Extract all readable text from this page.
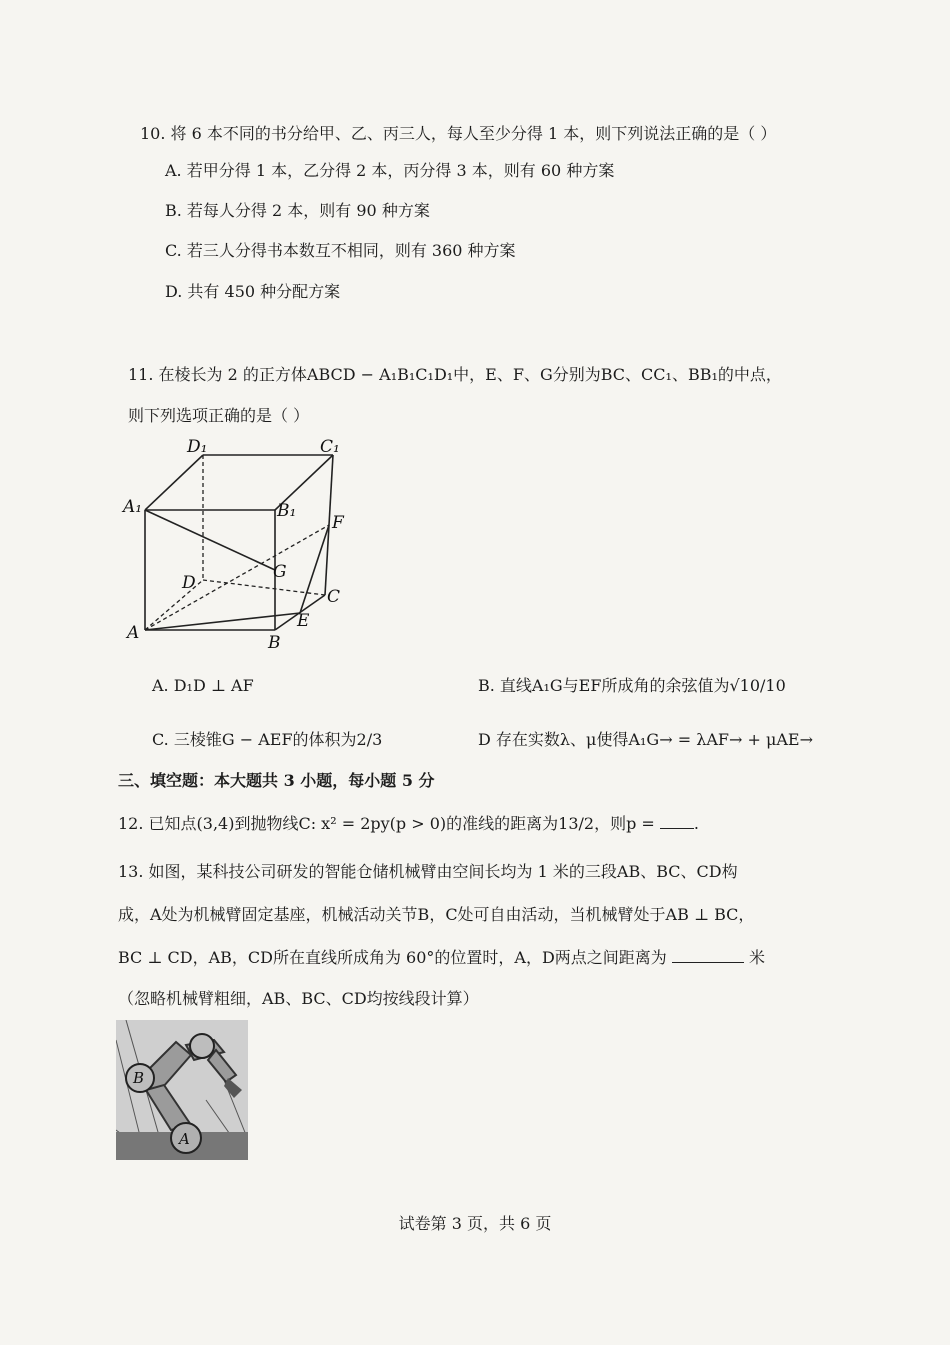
10. 将 6 本不同的书分给甲、乙、丙三人，每人至少分得 1 本，则下列说法正确的是（ ）
A. 若甲分得 1 本，乙分得 2 本，丙分得 3 本，则有 60 种方案
B. 若每人分得 2 本，则有 90 种方案
C. 若三人分得书本数互不相同，则有 360 种方案
D. 共有 450 种分配方案
11. 在棱长为 2 的正方体ABCD − A₁B₁C₁D₁中，E、F、G分别为BC、CC₁、BB₁的中点，
则下列选项正确的是（ ）
D₁	C₁
A₁	B₁
F
G
D
C
E
A	B
A. D₁D ⊥ AF	B. 直线A₁G与EF所成角的余弦值为√10/10
C. 三棱锥G − AEF的体积为2/3	D 存在实数λ、μ使得A₁G→ = λAF→ + μAE→
三、填空题：本大题共 3 小题，每小题 5 分
12. 已知点(3,4)到抛物线C: x² = 2py(p > 0)的准线的距离为13/2，则p = .
13. 如图，某科技公司研发的智能仓储机械臂由空间长均为 1 米的三段AB、BC、CD构
成，A处为机械臂固定基座，机械活动关节B，C处可自由活动，当机械臂处于AB ⊥ BC，
BC ⊥ CD，AB，CD所在直线所成角为 60°的位置时，A，D两点之间距离为	米
（忽略机械臂粗细，AB、BC、CD均按线段计算）
B
A
试卷第 3 页，共 6 页
